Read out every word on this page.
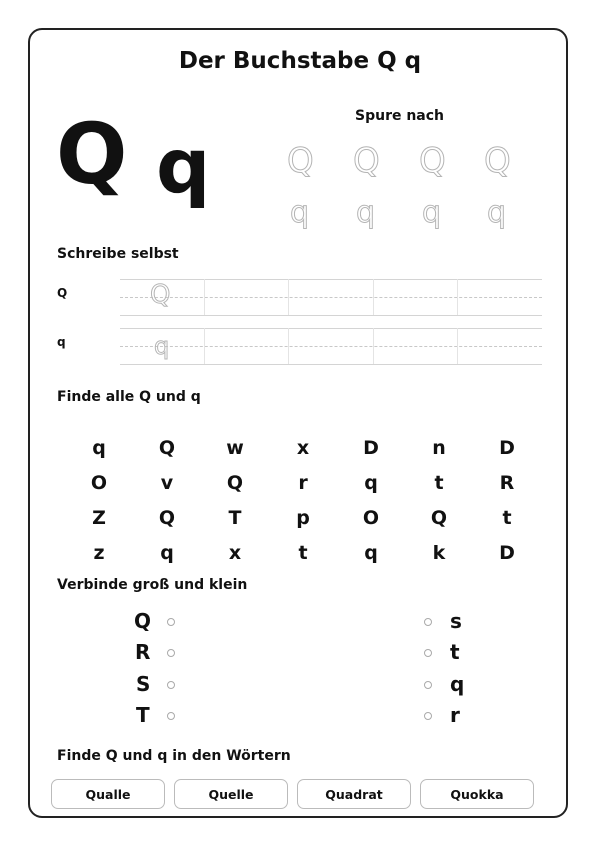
Der Buchstabe Q q
Q q
Spure nach
Q Q Q Q
q q q q
Schreibe selbst
Q	Q
q	q
Finde alle Q und q
q	Q	w	x	D	n	D
O	v	Q	r	q	t	R
Z	Q	T	p	O	Q	t
z	q	x	t	q	k	D
Verbinde groß und klein
Q
R
S
T
s
t
q
r
Finde Q und q in den Wörtern
Qualle	Quelle	Quadrat	Quokka
